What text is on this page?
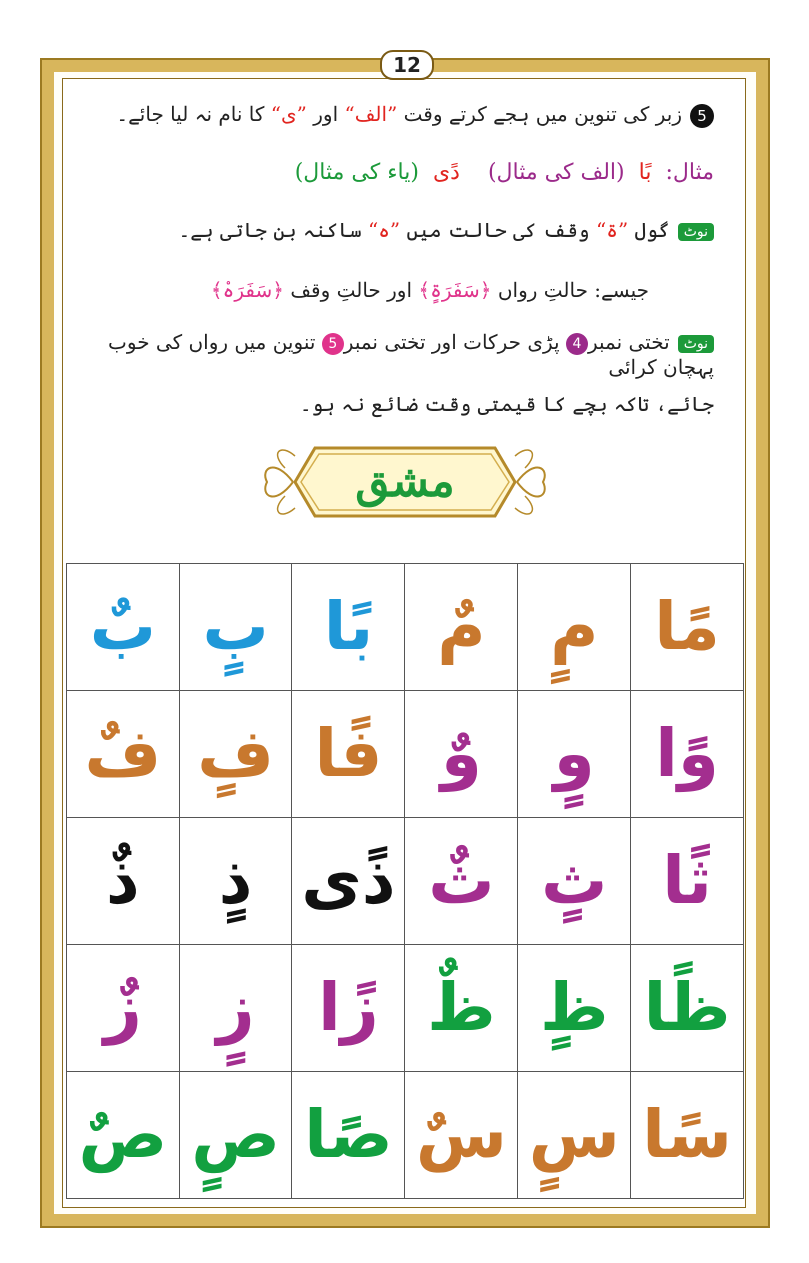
12
5زبر کی تنوین میں ہجے کرتے وقت ”الف“ اور ”ی“ کا نام نہ لیا جائے۔
مثال:  بًا  (الف کی مثال)    دًی  (یاء کی مثال)
نوٹگول ”ۃ“ وقف کی حالت میں ”ہ“ ساکنہ بن جاتی ہے۔
جیسے: حالتِ رواں ﴿سَفَرَۃٍ﴾ اور حالتِ وقف ﴿سَفَرَہْ﴾
نوٹتختی نمبر4 پڑی حرکات اور تختی نمبر5 تنوین میں رواں کی خوب پہچان کرائی
جائے، تاکہ بچے کا قیمتی وقت ضائع نہ ہو۔
مشق
بٌ	بٍ	بًا	مٌ	مٍ	مًا
فٌ	فٍ	فًا	وٌ	وٍ	وًا
ذٌ	ذٍ	ذًی	ثٌ	ثٍ	ثًا
زٌ	زٍ	زًا	ظٌ	ظٍ	ظًا
صٌ	صٍ	صًا	سٌ	سٍ	سًا
